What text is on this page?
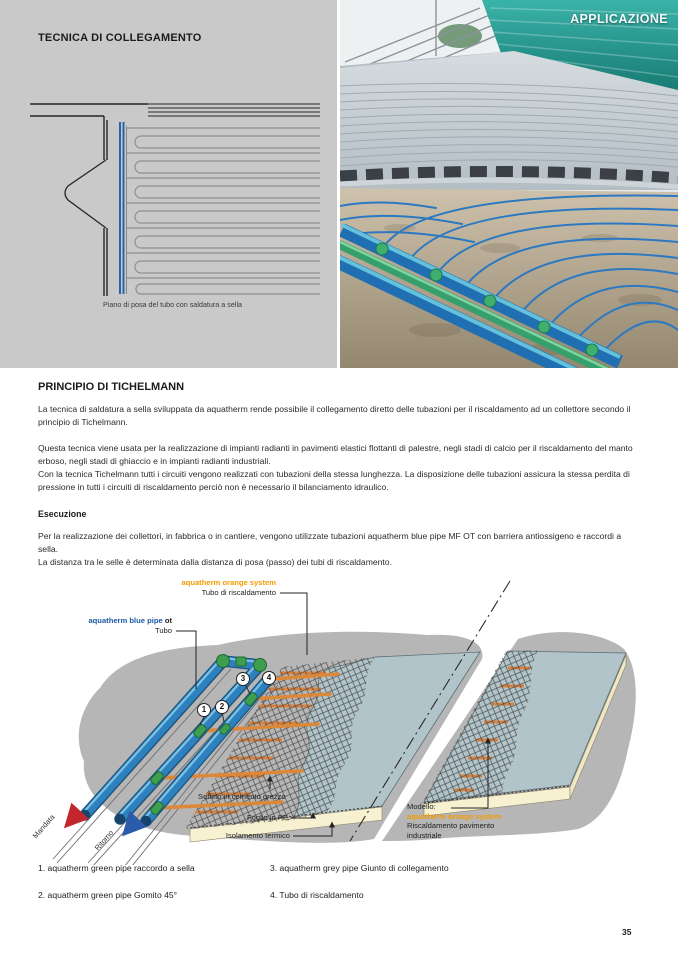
TECNICA DI COLLEGAMENTO
Piano di posa del tubo con saldatura a sella
APPLICAZIONE
PRINCIPIO DI TICHELMANN

La tecnica di saldatura a sella sviluppata da aquatherm rende possibile il collegamento diretto delle tubazioni per il riscaldamento ad un collettore secondo il principio di Tichelmann.

Questa tecnica viene usata per la realizzazione di impianti radianti in pavimenti elastici flottanti di palestre, negli stadi di calcio per il riscaldamento del manto erboso, negli stadi di ghiaccio e in impianti radianti industriali.

Con la tecnica Tichelmann tutti i circuiti vengono realizzati con tubazioni della stessa lunghezza. La disposizione delle tubazioni assicura la stessa perdita di pressione in tutti i circuiti di riscaldamento perciò non è necessario il bilanciamento idraulico.

Esecuzione

Per la realizzazione dei collettori, in fabbrica o in cantiere, vengono utilizzate tubazioni aquatherm blue pipe MF OT con barriera antiossigeno e raccordi a sella.

La distanza tra le selle è determinata dalla distanza di posa (passo) dei tubi di riscaldamento.

aquatherm orange system
Tubo di riscaldamento
aquatherm blue pipe ot
Tubo
Soffitto in cemento grezzo
Foglio in PE
Isolamento termico
Modello:
aquatherm orange system
Riscaldamento pavimento industriale
Mandata
Ritorno
1	2
3	4
1. aquatherm green pipe raccordo a sella
2. aquatherm green pipe Gomito 45°
3. aquatherm grey pipe Giunto di collegamento
4. Tubo di riscaldamento
35
